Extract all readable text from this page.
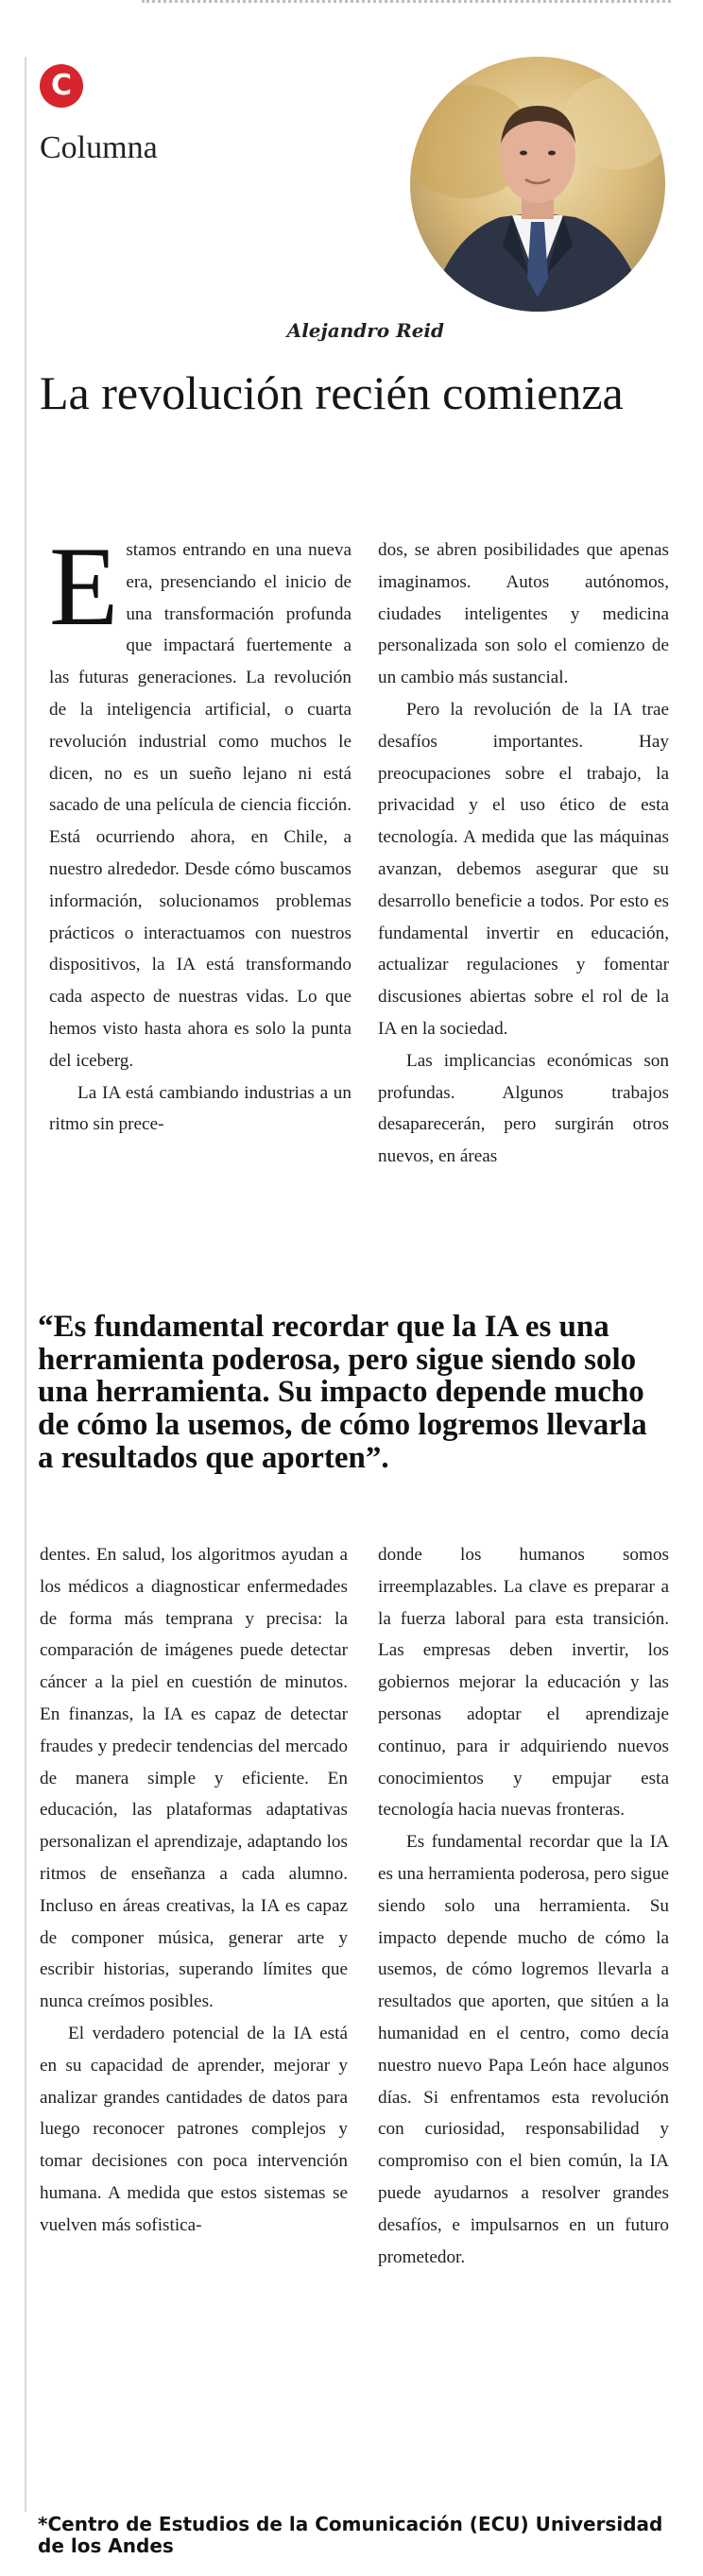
C
Columna
Alejandro Reid
La revolución recién comienza

Estamos entrando en una nueva era, presenciando el inicio de una transformación profunda que impactará fuertemente a las futuras generaciones. La revolución de la inteligencia artificial, o cuarta revolución industrial como muchos le dicen, no es un sueño lejano ni está sacado de una película de ciencia ficción. Está ocurriendo ahora, en Chile, a nuestro alrededor. Desde cómo buscamos información, solucionamos problemas prácticos o interactuamos con nuestros dispositivos, la IA está transformando cada aspecto de nuestras vidas. Lo que hemos visto hasta ahora es solo la punta del iceberg.

La IA está cambiando industrias a un ritmo sin prece-

dos, se abren posibilidades que apenas imaginamos. Autos autónomos, ciudades inteligentes y medicina personalizada son solo el comienzo de un cambio más sustancial.

Pero la revolución de la IA trae desafíos importantes. Hay preocupaciones sobre el trabajo, la privacidad y el uso ético de esta tecnología. A medida que las máquinas avanzan, debemos asegurar que su desarrollo beneficie a todos. Por esto es fundamental invertir en educación, actualizar regulaciones y fomentar discusiones abiertas sobre el rol de la IA en la sociedad.

Las implicancias económicas son profundas. Algunos trabajos desaparecerán, pero surgirán otros nuevos, en áreas

“Es fundamental recordar que la IA es una herramienta poderosa, pero sigue siendo solo una herramienta. Su impacto depende mucho de cómo la usemos, de cómo logremos llevarla a resultados que aporten”.

dentes. En salud, los algoritmos ayudan a los médicos a diagnosticar enfermedades de forma más temprana y precisa: la comparación de imágenes puede detectar cáncer a la piel en cuestión de minutos. En finanzas, la IA es capaz de detectar fraudes y predecir tendencias del mercado de manera simple y eficiente. En educación, las plataformas adaptativas personalizan el aprendizaje, adaptando los ritmos de enseñanza a cada alumno. Incluso en áreas creativas, la IA es capaz de componer música, generar arte y escribir historias, superando límites que nunca creímos posibles.

El verdadero potencial de la IA está en su capacidad de aprender, mejorar y analizar grandes cantidades de datos para luego reconocer patrones complejos y tomar decisiones con poca intervención humana. A medida que estos sistemas se vuelven más sofistica-

donde los humanos somos irreemplazables. La clave es preparar a la fuerza laboral para esta transición. Las empresas deben invertir, los gobiernos mejorar la educación y las personas adoptar el aprendizaje continuo, para ir adquiriendo nuevos conocimientos y empujar esta tecnología hacia nuevas fronteras.

Es fundamental recordar que la IA es una herramienta poderosa, pero sigue siendo solo una herramienta. Su impacto depende mucho de cómo la usemos, de cómo logremos llevarla a resultados que aporten, que sitúen a la humanidad en el centro, como decía nuestro nuevo Papa León hace algunos días. Si enfrentamos esta revolución con curiosidad, responsabilidad y compromiso con el bien común, la IA puede ayudarnos a resolver grandes desafíos, e impulsarnos en un futuro prometedor.

*Centro de Estudios de la Comunicación (ECU) Universidad de los Andes
